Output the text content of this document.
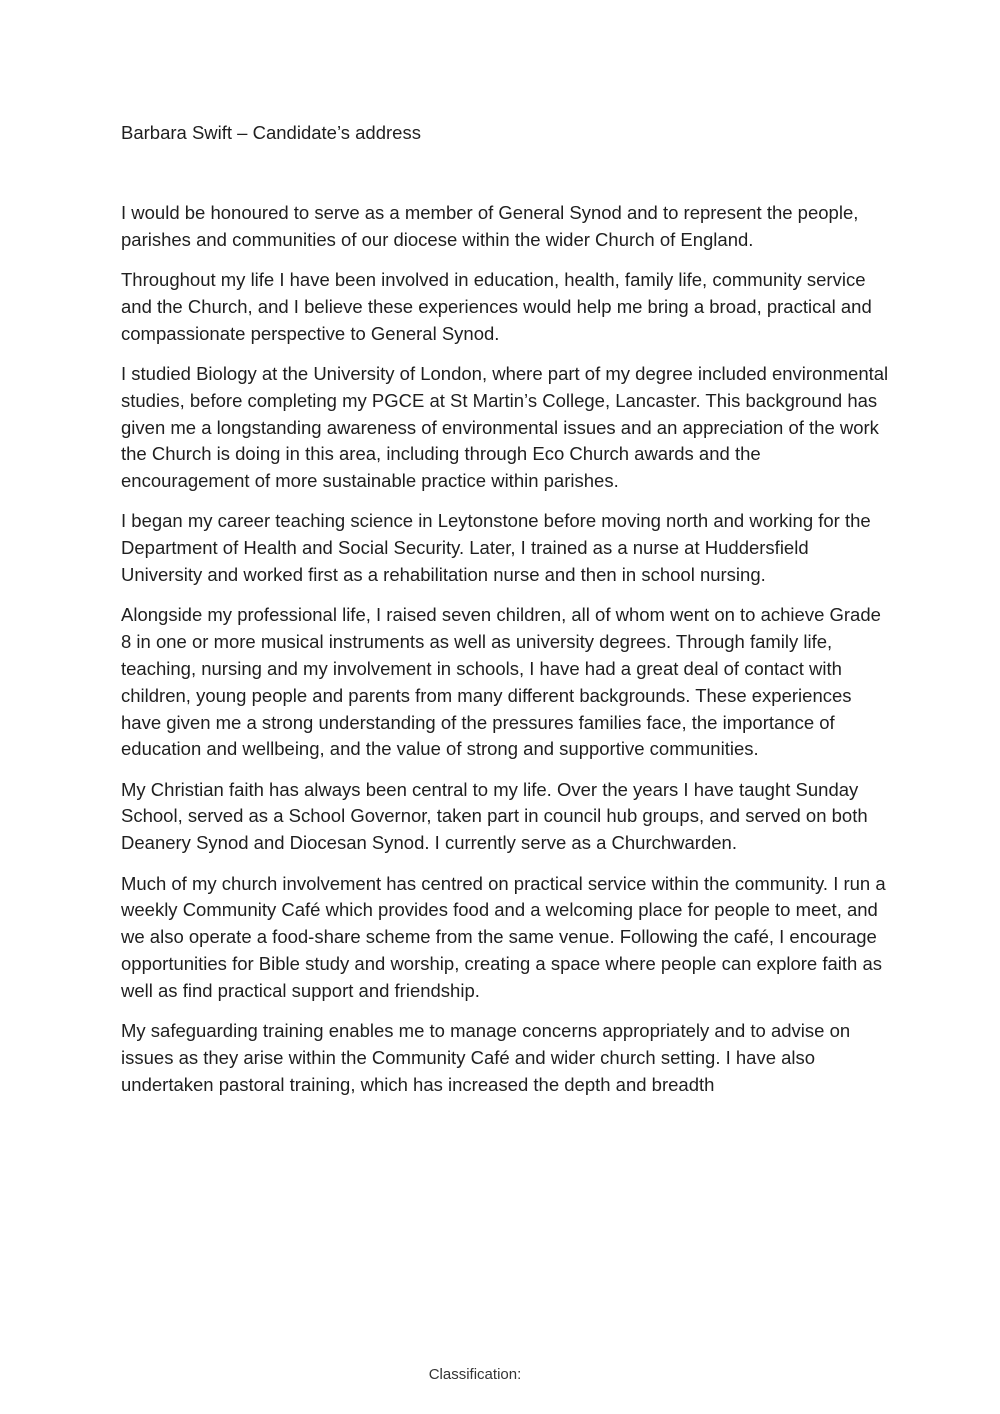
Barbara Swift – Candidate’s address

I would be honoured to serve as a member of General Synod and to represent the people, parishes and communities of our diocese within the wider Church of England.

Throughout my life I have been involved in education, health, family life, community service and the Church, and I believe these experiences would help me bring a broad, practical and compassionate perspective to General Synod.

I studied Biology at the University of London, where part of my degree included environmental studies, before completing my PGCE at St Martin’s College, Lancaster. This background has given me a longstanding awareness of environmental issues and an appreciation of the work the Church is doing in this area, including through Eco Church awards and the encouragement of more sustainable practice within parishes.

I began my career teaching science in Leytonstone before moving north and working for the Department of Health and Social Security. Later, I trained as a nurse at Huddersfield University and worked first as a rehabilitation nurse and then in school nursing.

Alongside my professional life, I raised seven children, all of whom went on to achieve Grade 8 in one or more musical instruments as well as university degrees. Through family life, teaching, nursing and my involvement in schools, I have had a great deal of contact with children, young people and parents from many different backgrounds. These experiences have given me a strong understanding of the pressures families face, the importance of education and wellbeing, and the value of strong and supportive communities.

My Christian faith has always been central to my life. Over the years I have taught Sunday School, served as a School Governor, taken part in council hub groups, and served on both Deanery Synod and Diocesan Synod. I currently serve as a Churchwarden.

Much of my church involvement has centred on practical service within the community. I run a weekly Community Café which provides food and a welcoming place for people to meet, and we also operate a food-share scheme from the same venue. Following the café, I encourage opportunities for Bible study and worship, creating a space where people can explore faith as well as find practical support and friendship.

My safeguarding training enables me to manage concerns appropriately and to advise on issues as they arise within the Community Café and wider church setting. I have also undertaken pastoral training, which has increased the depth and breadth

Classification:
